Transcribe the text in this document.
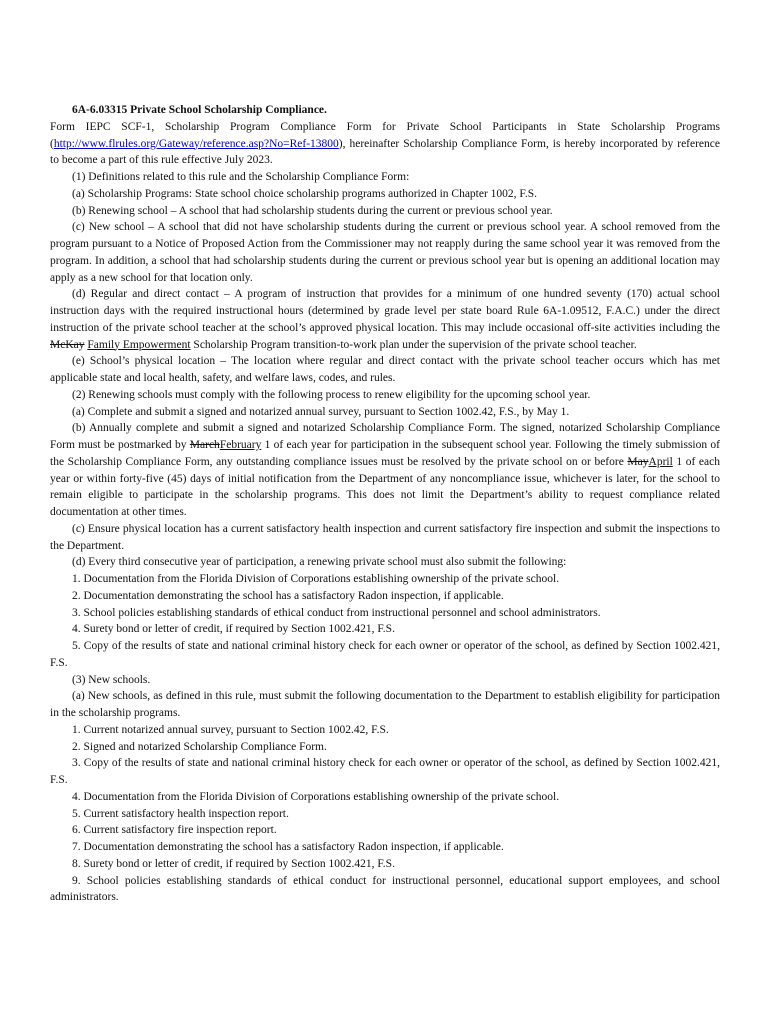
6A-6.03315 Private School Scholarship Compliance.
Form IEPC SCF-1, Scholarship Program Compliance Form for Private School Participants in State Scholarship Programs (http://www.flrules.org/Gateway/reference.asp?No=Ref-13800), hereinafter Scholarship Compliance Form, is hereby incorporated by reference to become a part of this rule effective July 2023.
(1) Definitions related to this rule and the Scholarship Compliance Form:
(a) Scholarship Programs: State school choice scholarship programs authorized in Chapter 1002, F.S.
(b) Renewing school – A school that had scholarship students during the current or previous school year.
(c) New school – A school that did not have scholarship students during the current or previous school year. A school removed from the program pursuant to a Notice of Proposed Action from the Commissioner may not reapply during the same school year it was removed from the program. In addition, a school that had scholarship students during the current or previous school year but is opening an additional location may apply as a new school for that location only.
(d) Regular and direct contact – A program of instruction that provides for a minimum of one hundred seventy (170) actual school instruction days with the required instructional hours (determined by grade level per state board Rule 6A-1.09512, F.A.C.) under the direct instruction of the private school teacher at the school’s approved physical location. This may include occasional off-site activities including the McKay Family Empowerment Scholarship Program transition-to-work plan under the supervision of the private school teacher.
(e) School’s physical location – The location where regular and direct contact with the private school teacher occurs which has met applicable state and local health, safety, and welfare laws, codes, and rules.
(2) Renewing schools must comply with the following process to renew eligibility for the upcoming school year.
(a) Complete and submit a signed and notarized annual survey, pursuant to Section 1002.42, F.S., by May 1.
(b) Annually complete and submit a signed and notarized Scholarship Compliance Form. The signed, notarized Scholarship Compliance Form must be postmarked by MarchFebruary 1 of each year for participation in the subsequent school year. Following the timely submission of the Scholarship Compliance Form, any outstanding compliance issues must be resolved by the private school on or before MayApril 1 of each year or within forty-five (45) days of initial notification from the Department of any noncompliance issue, whichever is later, for the school to remain eligible to participate in the scholarship programs. This does not limit the Department’s ability to request compliance related documentation at other times.
(c) Ensure physical location has a current satisfactory health inspection and current satisfactory fire inspection and submit the inspections to the Department.
(d) Every third consecutive year of participation, a renewing private school must also submit the following:
1. Documentation from the Florida Division of Corporations establishing ownership of the private school.
2. Documentation demonstrating the school has a satisfactory Radon inspection, if applicable.
3. School policies establishing standards of ethical conduct from instructional personnel and school administrators.
4. Surety bond or letter of credit, if required by Section 1002.421, F.S.
5. Copy of the results of state and national criminal history check for each owner or operator of the school, as defined by Section 1002.421, F.S.
(3) New schools.
(a) New schools, as defined in this rule, must submit the following documentation to the Department to establish eligibility for participation in the scholarship programs.
1. Current notarized annual survey, pursuant to Section 1002.42, F.S.
2. Signed and notarized Scholarship Compliance Form.
3. Copy of the results of state and national criminal history check for each owner or operator of the school, as defined by Section 1002.421, F.S.
4. Documentation from the Florida Division of Corporations establishing ownership of the private school.
5. Current satisfactory health inspection report.
6. Current satisfactory fire inspection report.
7. Documentation demonstrating the school has a satisfactory Radon inspection, if applicable.
8. Surety bond or letter of credit, if required by Section 1002.421, F.S.
9. School policies establishing standards of ethical conduct for instructional personnel, educational support employees, and school administrators.
